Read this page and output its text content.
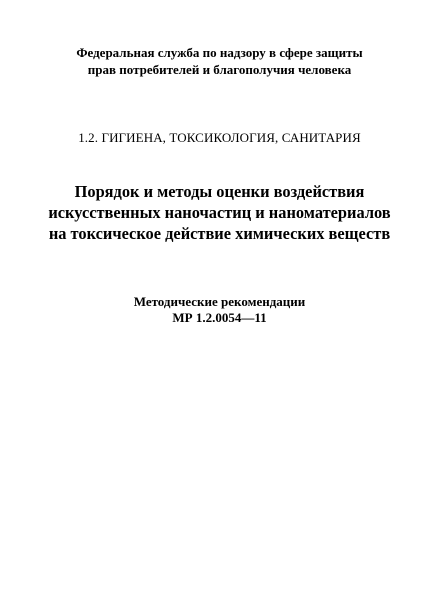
Федеральная служба по надзору в сфере защиты
прав потребителей и благополучия человека
1.2. ГИГИЕНА, ТОКСИКОЛОГИЯ, САНИТАРИЯ
Порядок и методы оценки воздействия
искусственных наночастиц и наноматериалов
на токсическое действие химических веществ
Методические рекомендации
МР 1.2.0054—11
